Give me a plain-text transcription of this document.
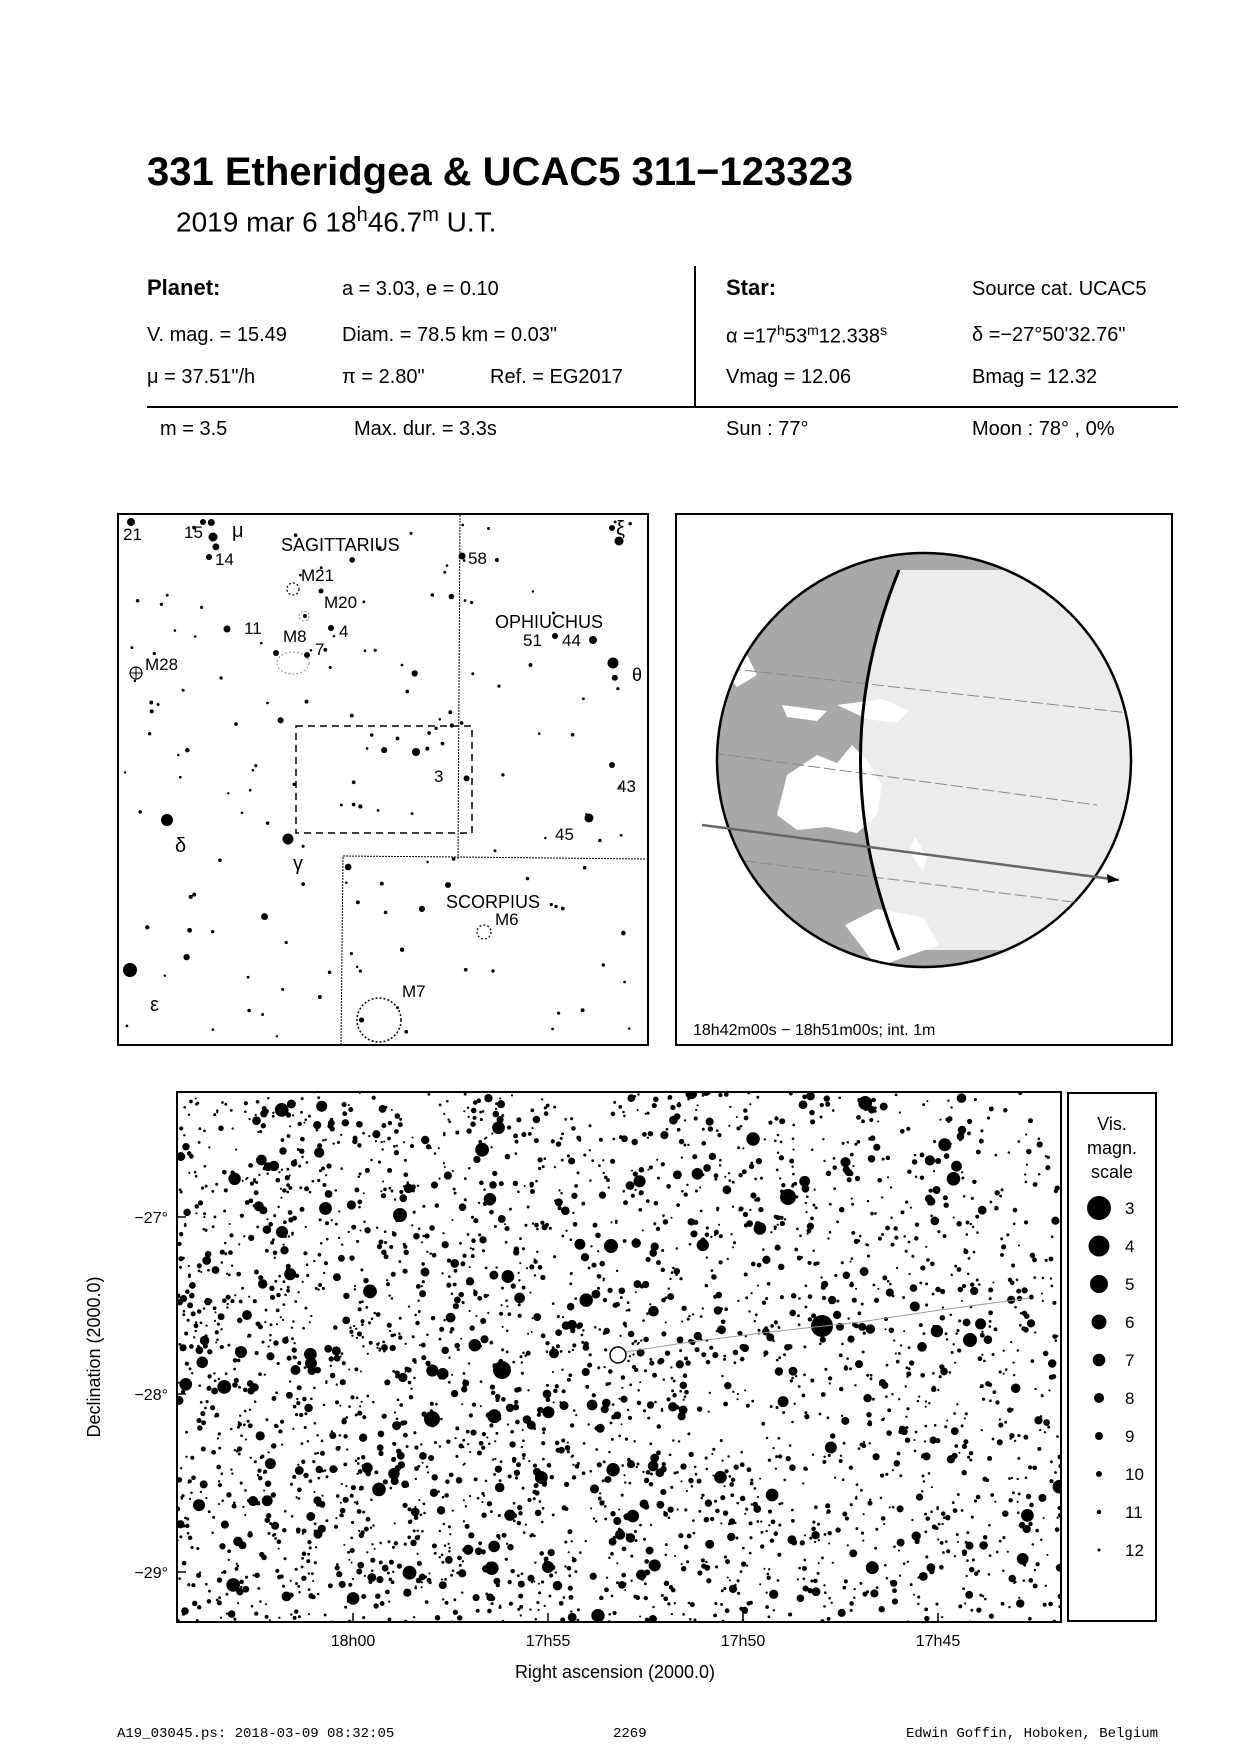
331 Etheridgea & UCAC5 311−123323
2019 mar 6 18$^h$46.7$^m$ U.T.
Planet:	a = 3.03, e = 0.10
V. mag. = 15.49	Diam. = 78.5 km = 0.03"
μ = 37.51"/h	π = 2.80"	Ref. = EG2017
Star:	Source cat. UCAC5
$\alpha =17^h53^m12.338^s$	δ =−27°50'32.76"
Vmag = 12.06	Bmag = 12.32
m = 3.5	Max. dur. = 3.3s	Sun : 77°	Moon : 78° , 0%
21 15 μ
SAGITTARIUS
14
M21
M20
11 M8
7
4
M28
58
ξ
OPHIUCHUS
51 44
θ
3
43
45
δ
γ
SCORPIUS
M6
M7
ε
18h42m00s − 18h51m00s; int. 1m
−27°
−28°
−29°
18h00	17h55	17h50	17h45
Right ascension (2000.0)
Declination (2000.0)
Vis.
magn.
scale
3
4
5
6
7
8
9
10
11
12
A19_03045.ps: 2018-03-09 08:32:05	2269	Edwin Goffin, Hoboken, Belgium
